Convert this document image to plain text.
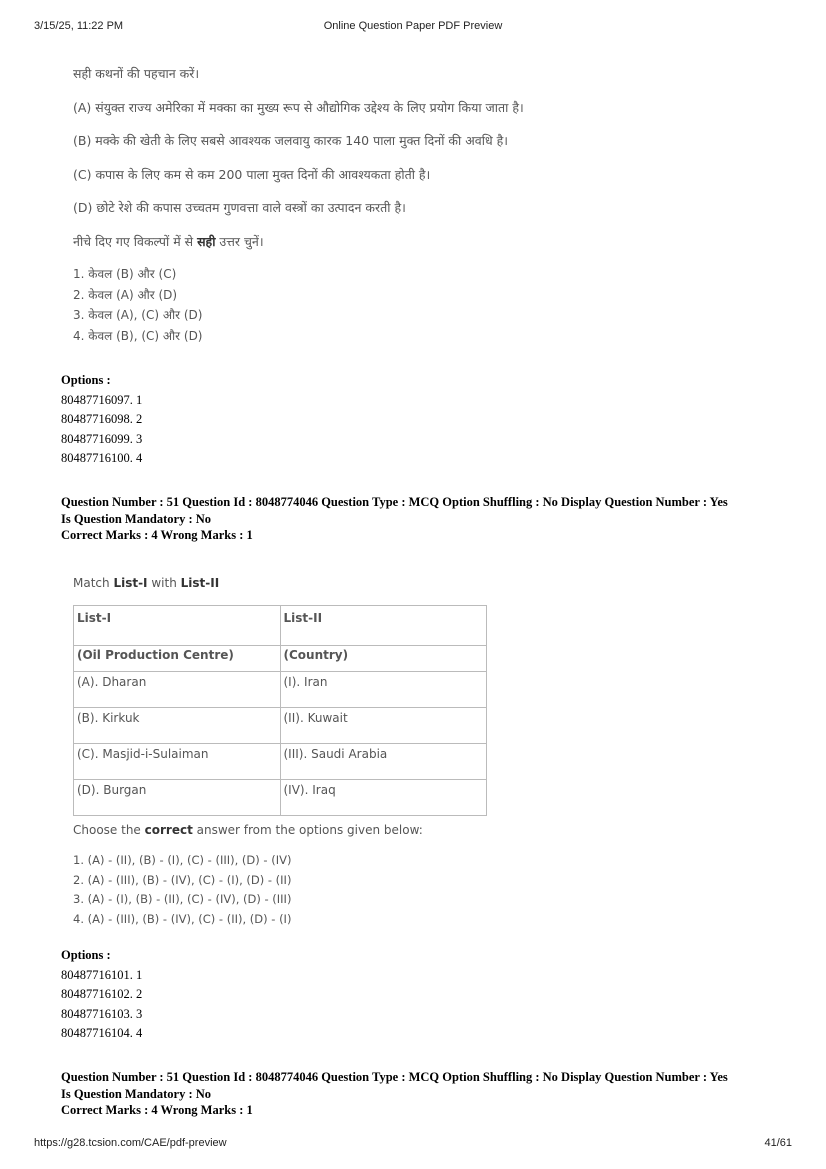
3/15/25, 11:22 PM	Online Question Paper PDF Preview
सही कथनों की पहचान करें।
(A) संयुक्त राज्य अमेरिका में मक्का का मुख्य रूप से औद्योगिक उद्देश्य के लिए प्रयोग किया जाता है।
(B) मक्के की खेती के लिए सबसे आवश्यक जलवायु कारक 140 पाला मुक्त दिनों की अवधि है।
(C) कपास के लिए कम से कम 200 पाला मुक्त दिनों की आवश्यकता होती है।
(D) छोटे रेशे की कपास उच्चतम गुणवत्ता वाले वस्त्रों का उत्पादन करती है।
नीचे दिए गए विकल्पों में से सही उत्तर चुनें।
1. केवल (B) और (C)
2. केवल (A) और (D)
3. केवल (A), (C) और (D)
4. केवल (B), (C) और (D)
Options :
80487716097. 1
80487716098. 2
80487716099. 3
80487716100. 4
Question Number : 51 Question Id : 8048774046 Question Type : MCQ Option Shuffling : No Display Question Number : Yes
Is Question Mandatory : No
Correct Marks : 4 Wrong Marks : 1
Match List-I with List-II
List-I	List-II
(Oil Production Centre)	(Country)
(A). Dharan	(I). Iran
(B). Kirkuk	(II). Kuwait
(C). Masjid-i-Sulaiman	(III). Saudi Arabia
(D). Burgan	(IV). Iraq
Choose the correct answer from the options given below:
1. (A) - (II), (B) - (I), (C) - (III), (D) - (IV)
2. (A) - (III), (B) - (IV), (C) - (I), (D) - (II)
3. (A) - (I), (B) - (II), (C) - (IV), (D) - (III)
4. (A) - (III), (B) - (IV), (C) - (II), (D) - (I)
Options :
80487716101. 1
80487716102. 2
80487716103. 3
80487716104. 4
Question Number : 51 Question Id : 8048774046 Question Type : MCQ Option Shuffling : No Display Question Number : Yes
Is Question Mandatory : No
Correct Marks : 4 Wrong Marks : 1
https://g28.tcsion.com/CAE/pdf-preview	41/61
